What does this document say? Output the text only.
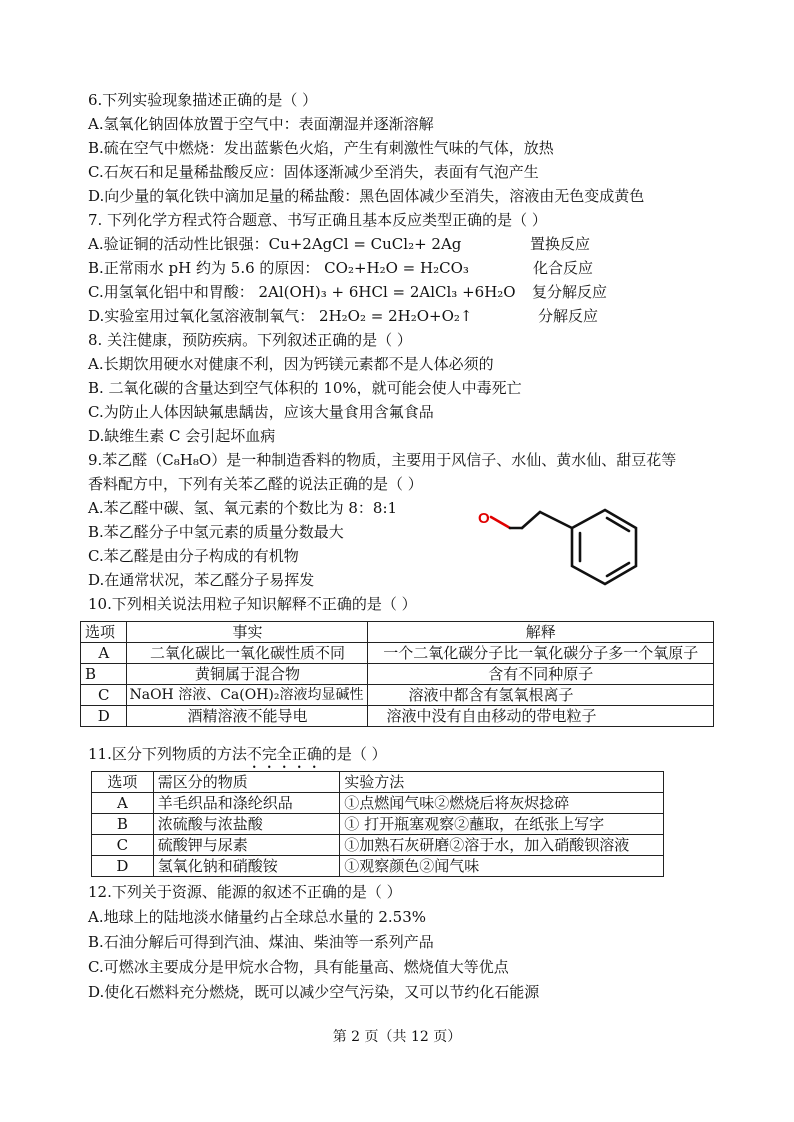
6.下列实验现象描述正确的是（ ）
A.氢氧化钠固体放置于空气中：表面潮湿并逐渐溶解
B.硫在空气中燃烧：发出蓝紫色火焰，产生有刺激性气味的气体，放热
C.石灰石和足量稀盐酸反应：固体逐渐减少至消失，表面有气泡产生
D.向少量的氧化铁中滴加足量的稀盐酸：黑色固体减少至消失，溶液由无色变成黄色
7. 下列化学方程式符合题意、书写正确且基本反应类型正确的是（ ）
A.验证铜的活动性比银强：Cu+2AgCl = CuCl₂+ 2Ag	置换反应
B.正常雨水 pH 约为 5.6 的原因： CO₂+H₂O = H₂CO₃	化合反应
C.用氢氧化铝中和胃酸： 2Al(OH)₃ + 6HCl = 2AlCl₃ +6H₂O 复分解反应
D.实验室用过氧化氢溶液制氧气： 2H₂O₂ = 2H₂O+O₂↑	分解反应
8. 关注健康，预防疾病。下列叙述正确的是（ ）
A.长期饮用硬水对健康不利，因为钙镁元素都不是人体必须的
B. 二氧化碳的含量达到空气体积的 10%，就可能会使人中毒死亡
C.为防止人体因缺氟患龋齿，应该大量食用含氟食品
D.缺维生素 C 会引起坏血病
9.苯乙醛（C₈H₈O）是一种制造香料的物质，主要用于风信子、水仙、黄水仙、甜豆花等
香料配方中，下列有关苯乙醛的说法正确的是（ ）
A.苯乙醛中碳、氢、氧元素的个数比为 8：8:1
B.苯乙醛分子中氢元素的质量分数最大
C.苯乙醛是由分子构成的有机物
D.在通常状况，苯乙醛分子易挥发
O
10.下列相关说法用粒子知识解释不正确的是（ ）
选项	事实	解释
A	二氧化碳比一氧化碳性质不同	一个二氧化碳分子比一氧化碳分子多一个氧原子
B	黄铜属于混合物	含有不同种原子
C	NaOH 溶液、Ca(OH)₂溶液均显碱性	溶液中都含有氢氧根离子
D	酒精溶液不能导电	溶液中没有自由移动的带电粒子
11.区分下列物质的方法不完全正确的是（ ）
选项	需区分的物质	实验方法
A	羊毛织品和涤纶织品	①点燃闻气味②燃烧后将灰烬捻碎
B	浓硫酸与浓盐酸	① 打开瓶塞观察②蘸取，在纸张上写字
C	硫酸钾与尿素	①加熟石灰研磨②溶于水，加入硝酸钡溶液
D	氢氧化钠和硝酸铵	①观察颜色②闻气味
12.下列关于资源、能源的叙述不正确的是（ ）
A.地球上的陆地淡水储量约占全球总水量的 2.53%
B.石油分解后可得到汽油、煤油、柴油等一系列产品
C.可燃冰主要成分是甲烷水合物，具有能量高、燃烧值大等优点
D.使化石燃料充分燃烧，既可以减少空气污染，又可以节约化石能源
第 2 页（共 12 页）
